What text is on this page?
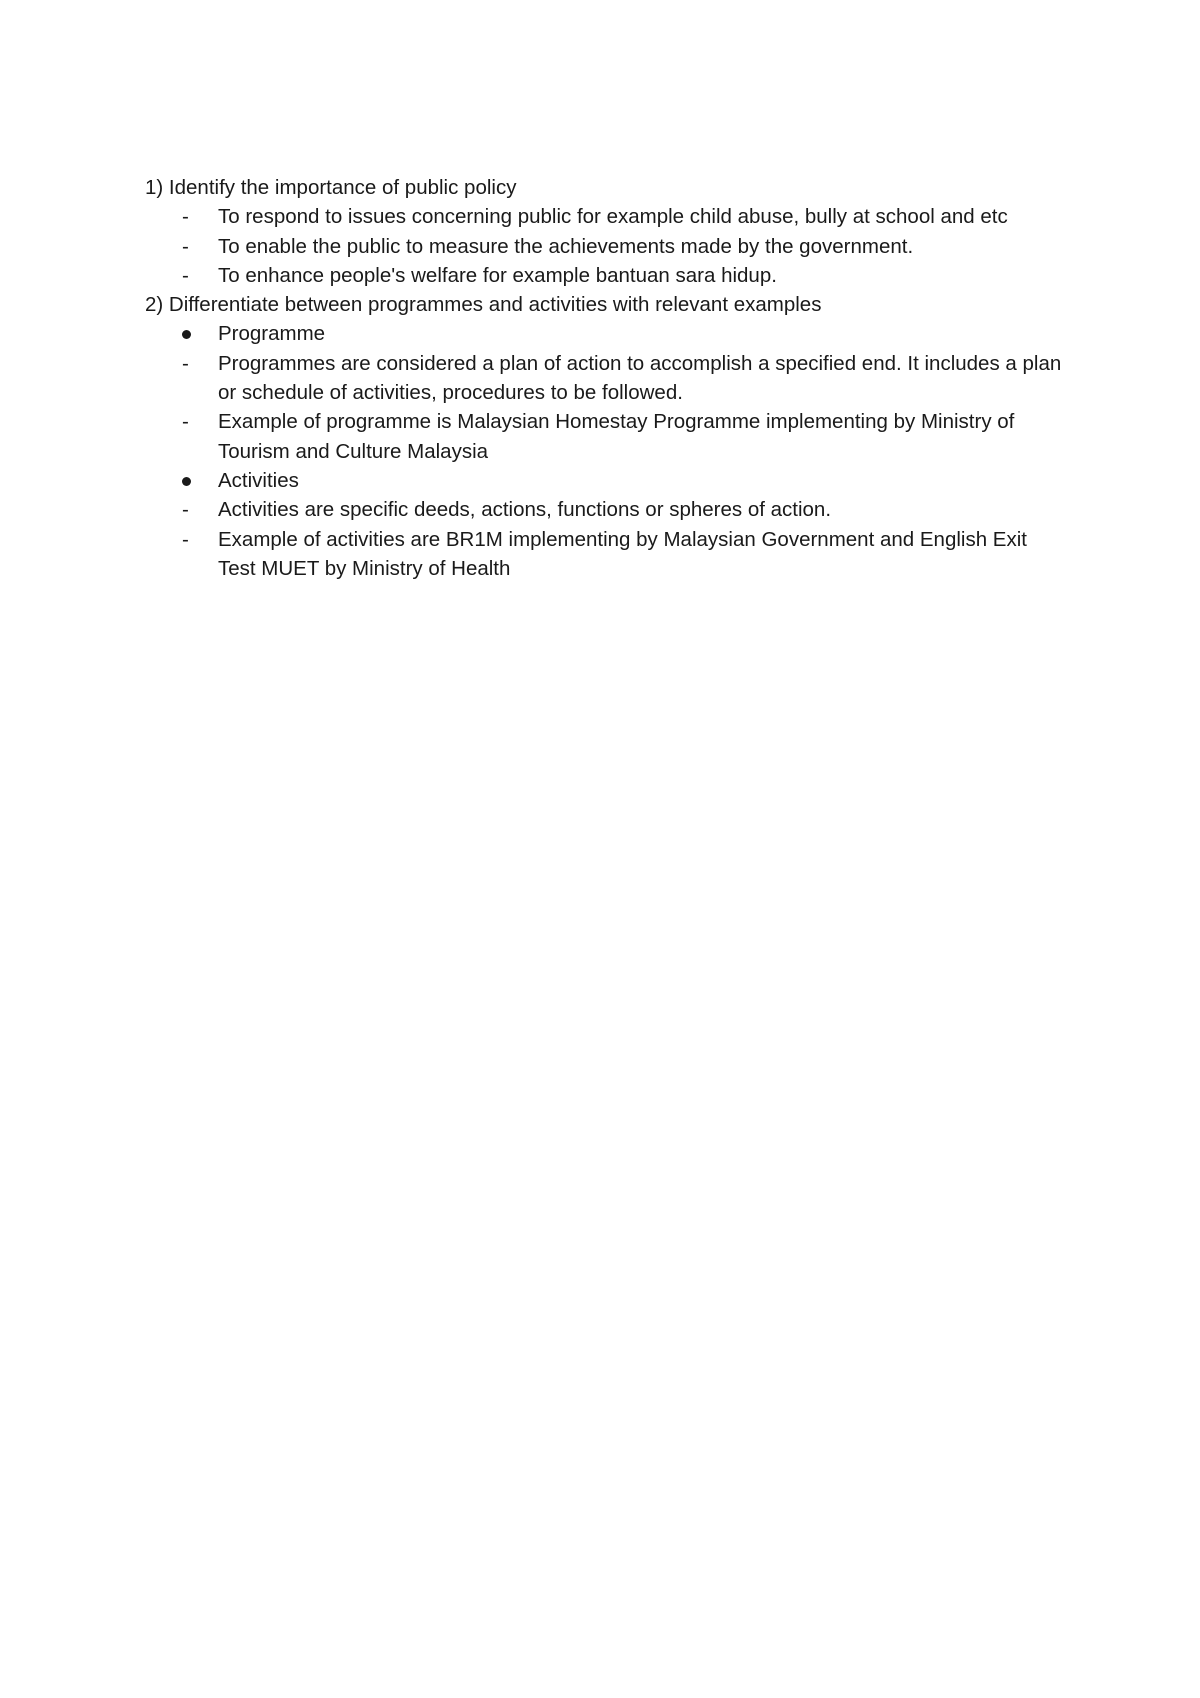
1) Identify the importance of public policy

-
To respond to issues concerning public for example child abuse, bully at school and etc
-
To enable the public to measure the achievements made by the government.
-
To enhance people's welfare for example bantuan sara hidup.

2) Differentiate between programmes and activities with relevant examples

Programme
-
Programmes are considered a plan of action to accomplish a specified end. It includes a plan or schedule of activities, procedures to be followed.
-
Example of programme is Malaysian Homestay Programme implementing by Ministry of Tourism and Culture Malaysia
Activities
-
Activities are specific deeds, actions, functions or spheres of action.
-
Example of activities are BR1M implementing by Malaysian Government and English Exit Test MUET by Ministry of Health
